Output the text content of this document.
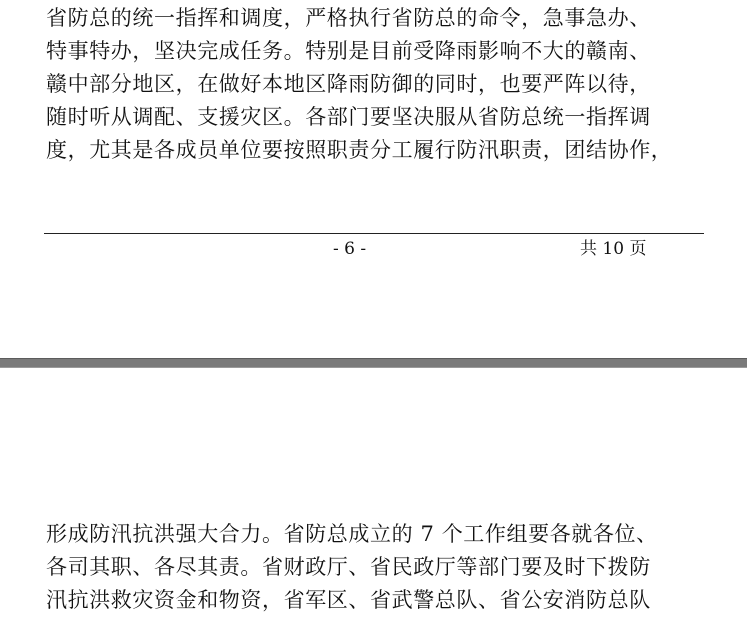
省防总的统一指挥和调度，严格执行省防总的命令，急事急办、
特事特办，坚决完成任务。特别是目前受降雨影响不大的赣南、
赣中部分地区，在做好本地区降雨防御的同时，也要严阵以待，
随时听从调配、支援灾区。各部门要坚决服从省防总统一指挥调
度，尤其是各成员单位要按照职责分工履行防汛职责，团结协作，
- 6 -	共 10 页
形成防汛抗洪强大合力。省防总成立的 7 个工作组要各就各位、
各司其职、各尽其责。省财政厅、省民政厅等部门要及时下拨防
汛抗洪救灾资金和物资，省军区、省武警总队、省公安消防总队
